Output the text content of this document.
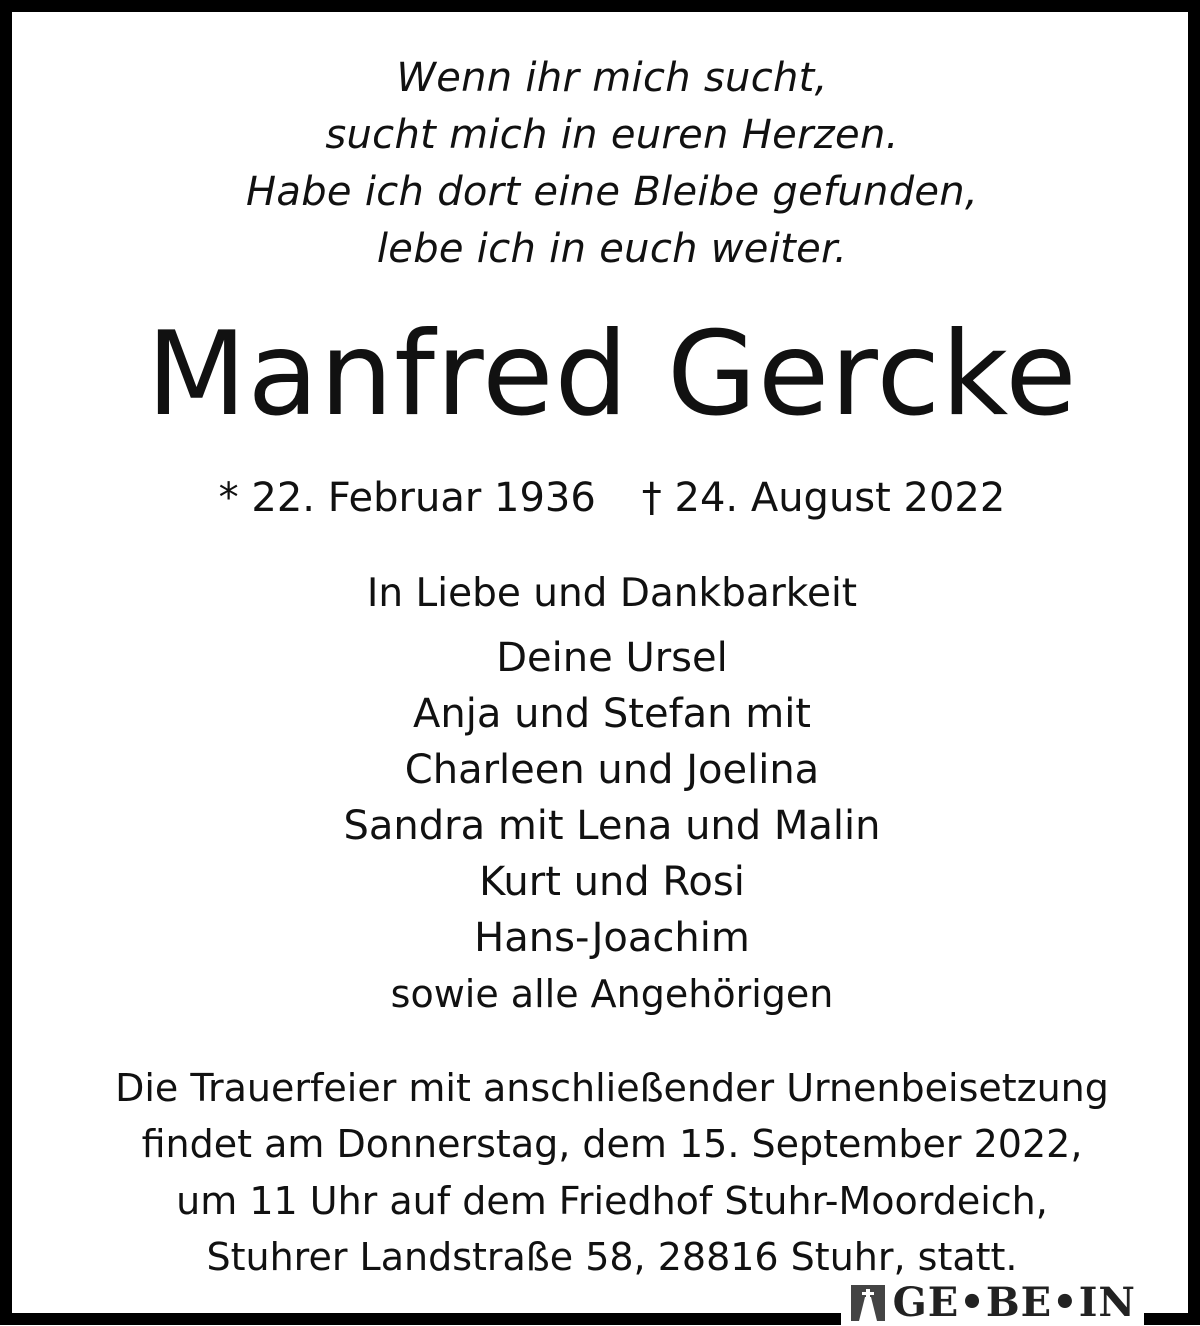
Wenn ihr mich sucht,
sucht mich in euren Herzen.
Habe ich dort eine Bleibe gefunden,
lebe ich in euch weiter.
Manfred Gercke
* 22. Februar 1936 † 24. August 2022
In Liebe und Dankbarkeit
Deine Ursel
Anja und Stefan mit
Charleen und Joelina
Sandra mit Lena und Malin
Kurt und Rosi
Hans-Joachim
sowie alle Angehörigen
Die Trauerfeier mit anschließender Urnenbeisetzung
findet am Donnerstag, dem 15. September 2022,
um 11 Uhr auf dem Friedhof Stuhr-Moordeich,
Stuhrer Landstraße 58, 28816 Stuhr, statt.
GE•BE•IN
